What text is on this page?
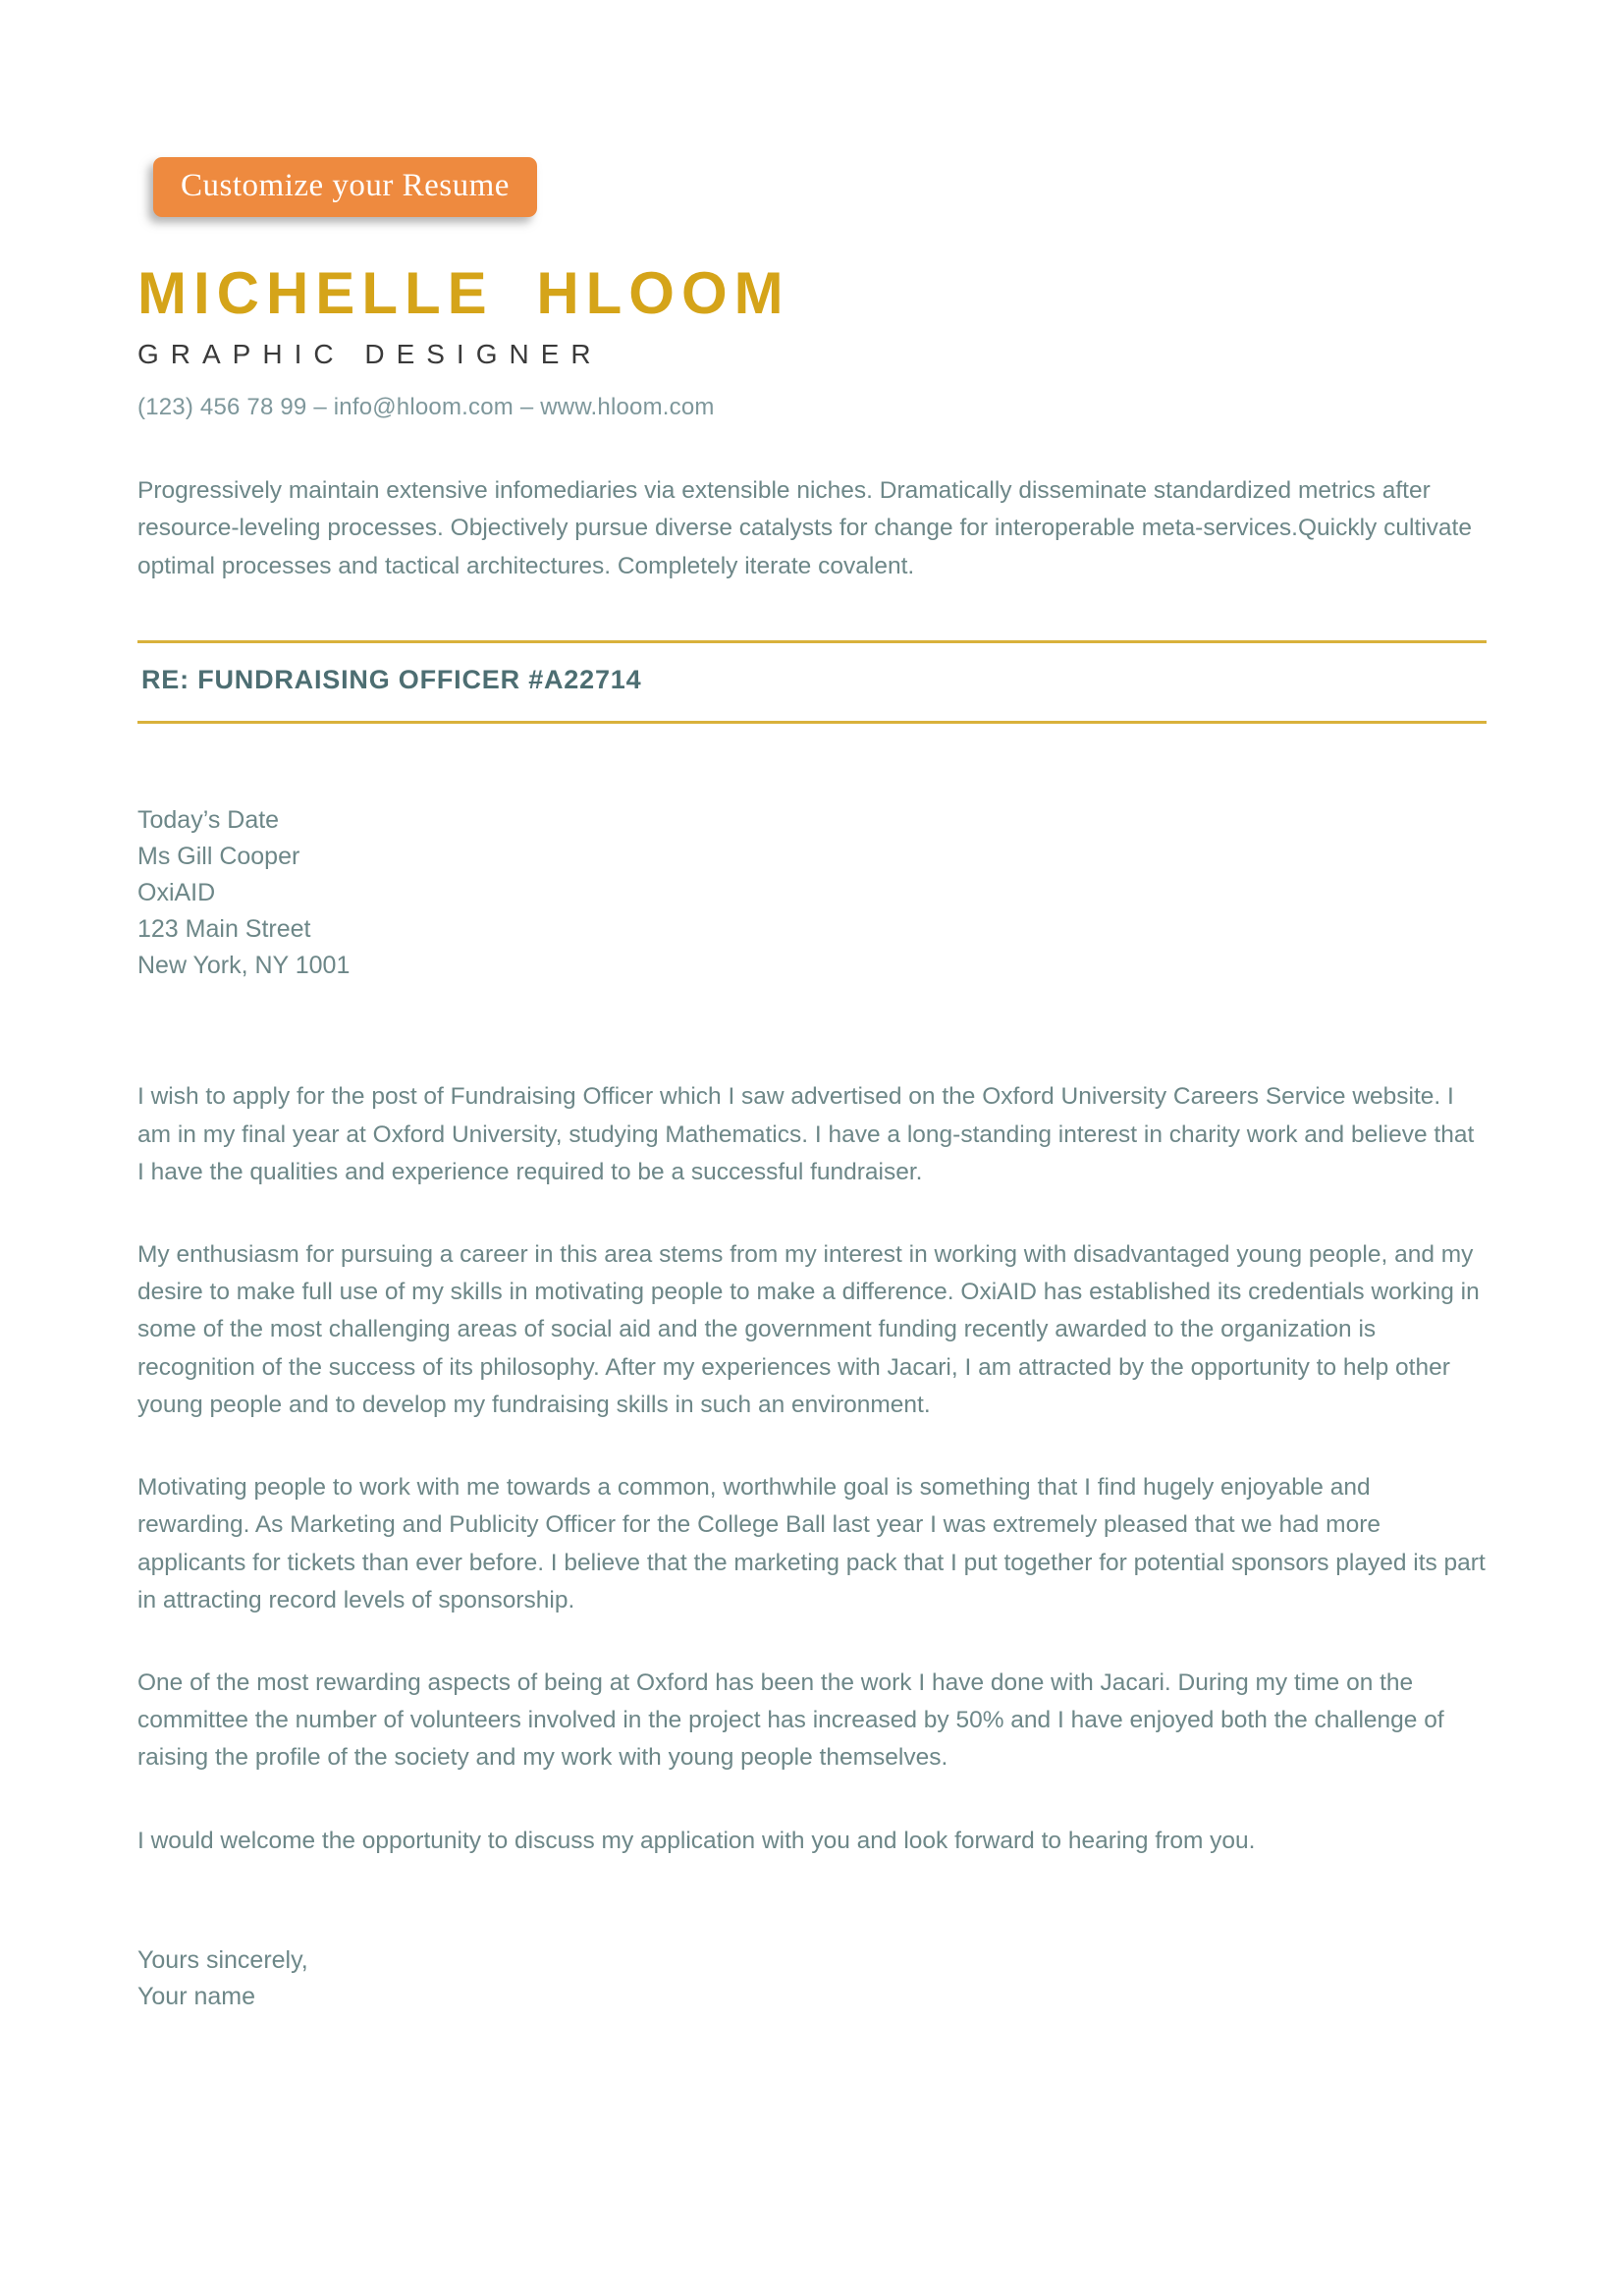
Customize your Resume
MICHELLE HLOOM
GRAPHIC DESIGNER
(123) 456 78 99 – info@hloom.com – www.hloom.com

Progressively maintain extensive infomediaries via extensible niches. Dramatically disseminate standardized metrics after resource-leveling processes. Objectively pursue diverse catalysts for change for interoperable meta-services.Quickly cultivate optimal processes and tactical architectures. Completely iterate covalent.

RE: FUNDRAISING OFFICER #A22714
Today’s Date
Ms Gill Cooper
OxiAID
123 Main Street
New York, NY 1001

I wish to apply for the post of Fundraising Officer which I saw advertised on the Oxford University Careers Service website. I am in my final year at Oxford University, studying Mathematics. I have a long-standing interest in charity work and believe that I have the qualities and experience required to be a successful fundraiser.

My enthusiasm for pursuing a career in this area stems from my interest in working with disadvantaged young people, and my desire to make full use of my skills in motivating people to make a difference. OxiAID has established its credentials working in some of the most challenging areas of social aid and the government funding recently awarded to the organization is recognition of the success of its philosophy. After my experiences with Jacari, I am attracted by the opportunity to help other young people and to develop my fundraising skills in such an environment.

Motivating people to work with me towards a common, worthwhile goal is something that I find hugely enjoyable and rewarding. As Marketing and Publicity Officer for the College Ball last year I was extremely pleased that we had more applicants for tickets than ever before. I believe that the marketing pack that I put together for potential sponsors played its part in attracting record levels of sponsorship.

One of the most rewarding aspects of being at Oxford has been the work I have done with Jacari. During my time on the committee the number of volunteers involved in the project has increased by 50% and I have enjoyed both the challenge of raising the profile of the society and my work with young people themselves.

I would welcome the opportunity to discuss my application with you and look forward to hearing from you.

Yours sincerely,
Your name
